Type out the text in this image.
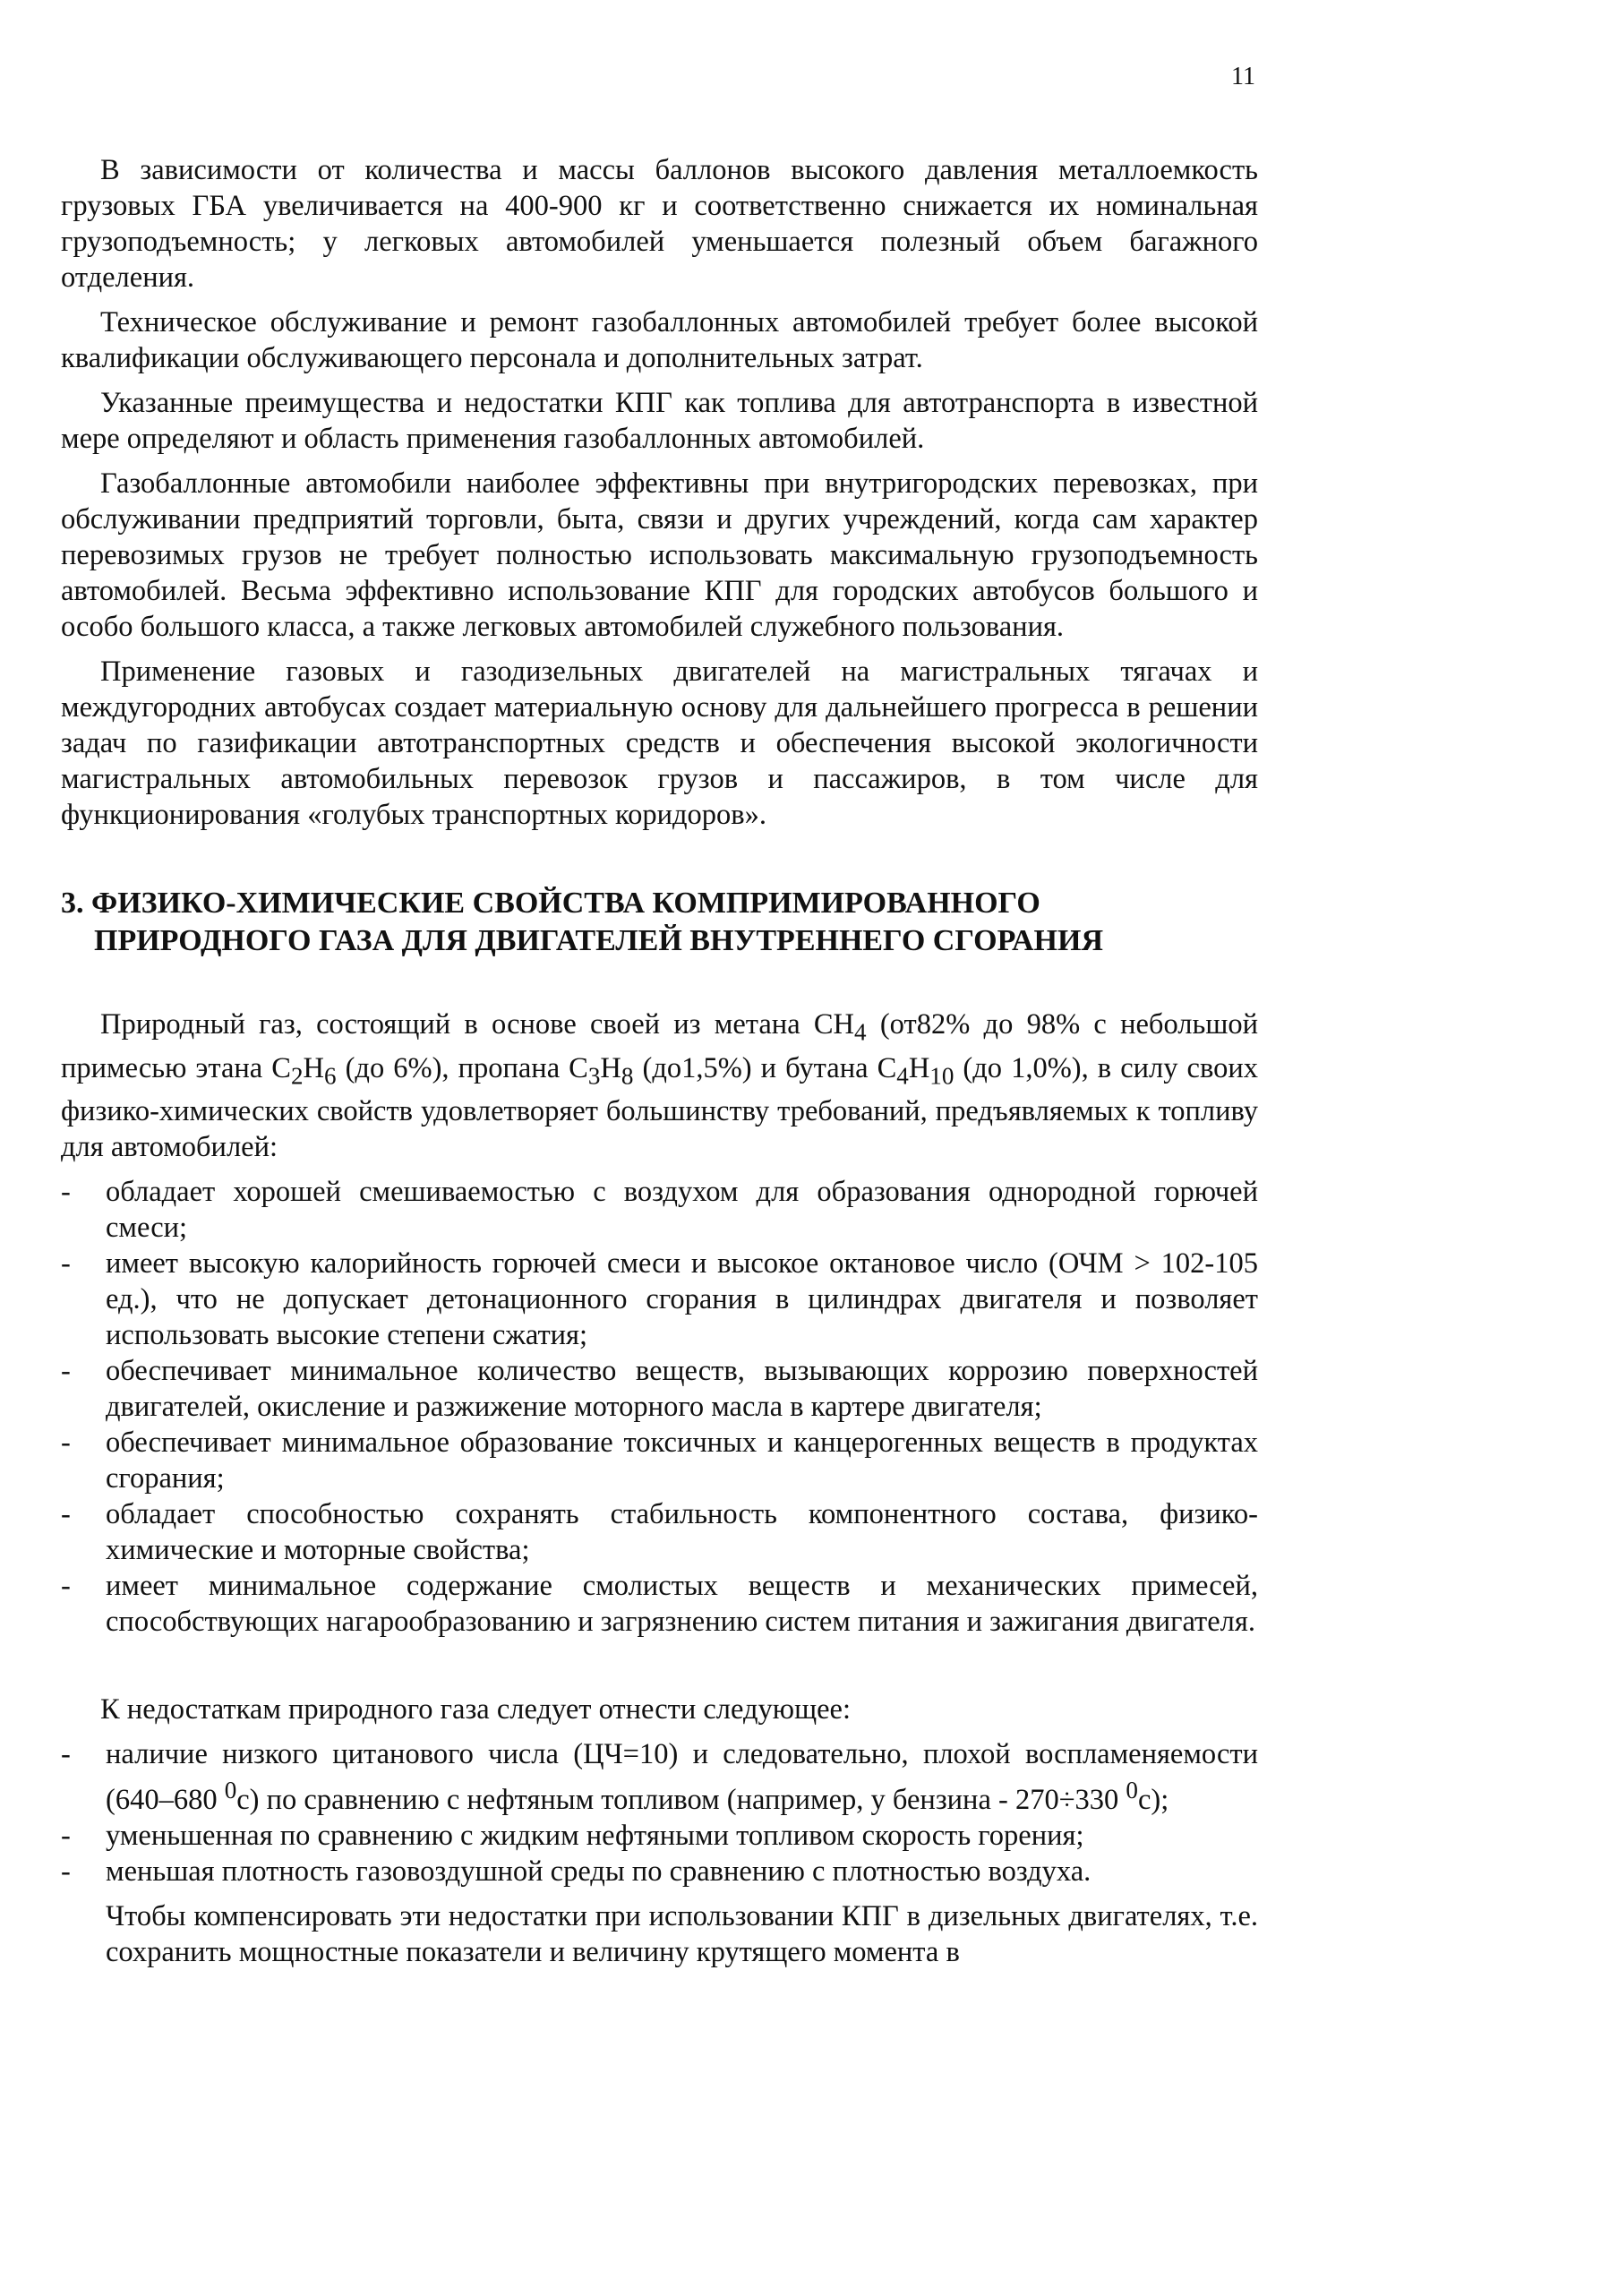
11

В зависимости от количества и массы баллонов высокого давления металлоемкость грузовых ГБА увеличивается на 400-900 кг и соответственно снижается их номинальная грузоподъемность; у легковых автомобилей уменьшается полезный объем багажного отделения.

Техническое обслуживание и ремонт газобаллонных автомобилей требует более высокой квалификации обслуживающего персонала и дополнительных затрат.

Указанные преимущества и недостатки КПГ как топлива для автотранспорта в известной мере определяют и область применения газобаллонных автомобилей.

Газобаллонные автомобили наиболее эффективны при внутригородских перевозках, при обслуживании предприятий торговли, быта, связи и других учреждений, когда сам характер перевозимых грузов не требует полностью использовать максимальную грузоподъемность автомобилей. Весьма эффективно использование КПГ для городских автобусов большого и особо большого класса, а также легковых автомобилей служебного пользования.

Применение газовых и газодизельных двигателей на магистральных тягачах и междугородних автобусах создает материальную основу для дальнейшего прогресса в решении задач по газификации автотранспортных средств и обеспечения высокой экологичности магистральных автомобильных перевозок грузов и пассажиров, в том числе для функционирования «голубых транспортных коридоров».

3. ФИЗИКО-ХИМИЧЕСКИЕ СВОЙСТВА КОМПРИМИРОВАННОГО
ПРИРОДНОГО ГАЗА ДЛЯ ДВИГАТЕЛЕЙ ВНУТРЕННЕГО СГОРАНИЯ

Природный газ, состоящий в основе своей из метана $СН_4$ (от82% до 98% с небольшой примесью этана $С_2Н_6$ (до 6%), пропана $С_3Н_8$ (до1,5%) и бутана $С_4Н_{10}$ (до 1,0%), в силу своих физико-химических свойств удовлетворяет большинству требований, предъявляемых к топливу для автомобилей:

- обладает хорошей смешиваемостью с воздухом для образования однородной горючей смеси;
- имеет высокую калорийность горючей смеси и высокое октановое число (ОЧМ > 102-105 ед.), что не допускает детонационного сгорания в цилиндрах двигателя и позволяет использовать высокие степени сжатия;
- обеспечивает минимальное количество веществ, вызывающих коррозию поверхностей двигателей, окисление и разжижение моторного масла в картере двигателя;
- обеспечивает минимальное образование токсичных и канцерогенных веществ в продуктах сгорания;
- обладает способностью сохранять стабильность компонентного состава, физико-химические и моторные свойства;
- имеет минимальное содержание смолистых веществ и механических примесей, способствующих нагарообразованию и загрязнению систем питания и зажигания двигателя.

К недостаткам природного газа следует отнести следующее:

- наличие низкого цитанового числа (ЦЧ=10) и следовательно, плохой воспламеняемости (640–680 $^0$с) по сравнению с нефтяным топливом (например, у бензина - 270÷330 $^0$с);
- уменьшенная по сравнению с жидким нефтяными топливом скорость горения;
- меньшая плотность газовоздушной среды по сравнению с плотностью воздуха.

Чтобы компенсировать эти недостатки при использовании КПГ в дизельных двигателях, т.е. сохранить мощностные показатели и величину крутящего момента в
